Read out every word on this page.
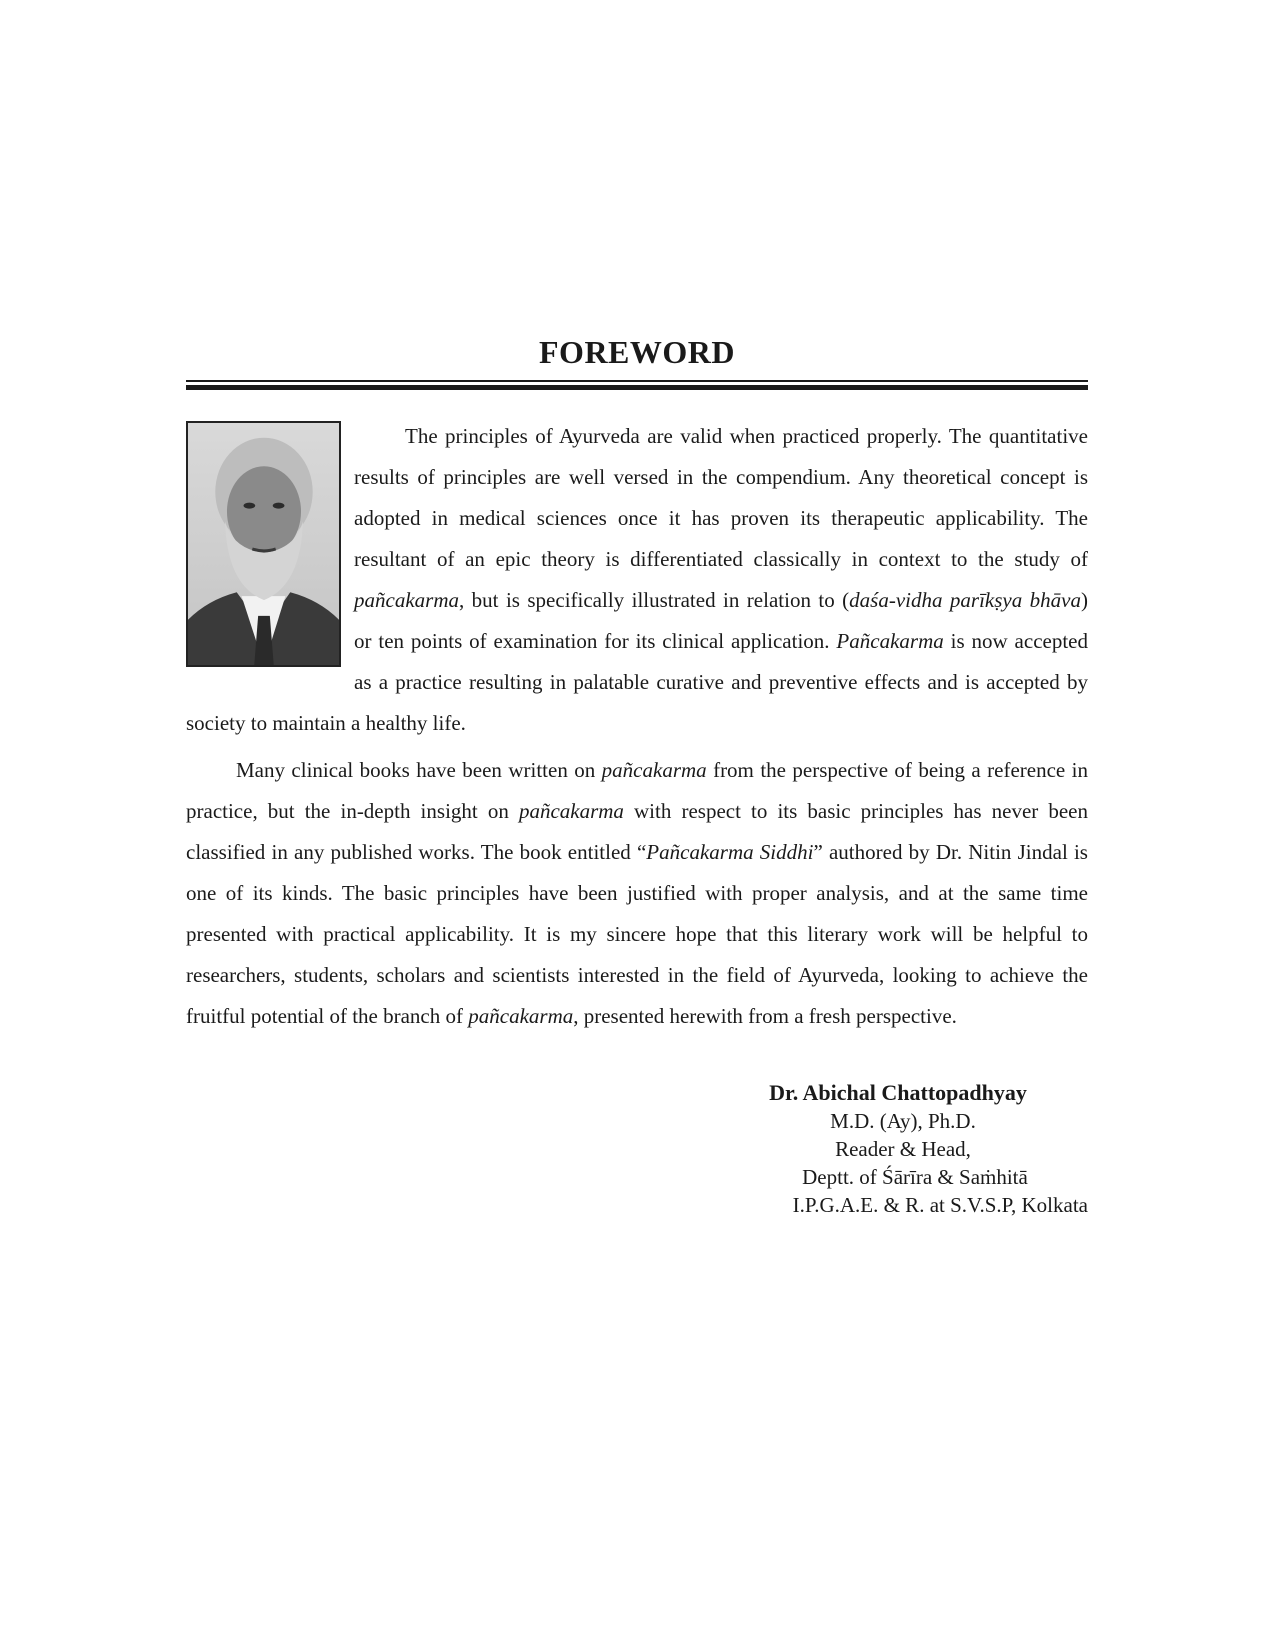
FOREWORD

The principles of Ayurveda are valid when practiced properly. The quantitative results of principles are well versed in the compendium. Any theoretical concept is adopted in medical sciences once it has proven its therapeutic applicability. The resultant of an epic theory is differentiated classically in context to the study of pañcakarma, but is specifically illustrated in relation to (daśa-vidha parīkṣya bhāva) or ten points of examination for its clinical application. Pañcakarma is now accepted as a practice resulting in palatable curative and preventive effects and is accepted by society to maintain a healthy life.

Many clinical books have been written on pañcakarma from the perspective of being a reference in practice, but the in-depth insight on pañcakarma with respect to its basic principles has never been classified in any published works. The book entitled “Pañcakarma Siddhi” authored by Dr. Nitin Jindal is one of its kinds. The basic principles have been justified with proper analysis, and at the same time presented with practical applicability. It is my sincere hope that this literary work will be helpful to researchers, students, scholars and scientists interested in the field of Ayurveda, looking to achieve the fruitful potential of the branch of pañcakarma, presented herewith from a fresh perspective.

Dr. Abichal Chattopadhyay
M.D. (Ay), Ph.D.
Reader & Head,
Deptt. of Śārīra & Saṁhitā
I.P.G.A.E. & R. at S.V.S.P, Kolkata
